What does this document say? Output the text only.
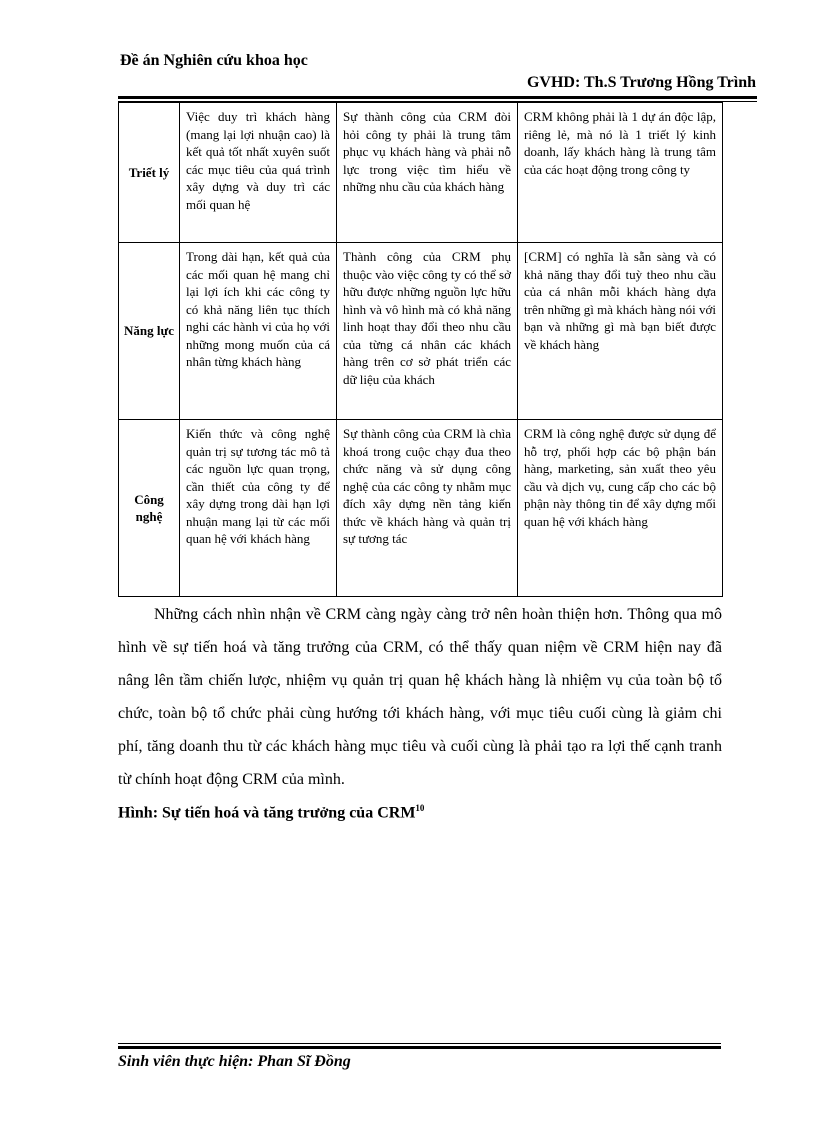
Đề án Nghiên cứu khoa học
GVHD: Th.S Trương Hồng Trình
Triết lý	Việc duy trì khách hàng (mang lại lợi nhuận cao) là kết quả tốt nhất xuyên suốt các mục tiêu của quá trình xây dựng và duy trì các mối quan hệ	Sự thành công của CRM đòi hỏi công ty phải là trung tâm phục vụ khách hàng và phải nỗ lực trong việc tìm hiểu về những nhu cầu của khách hàng	CRM không phải là 1 dự án độc lập, riêng lẻ, mà nó là 1 triết lý kinh doanh, lấy khách hàng là trung tâm của các hoạt động trong công ty
Năng lực	Trong dài hạn, kết quả của các mối quan hệ mang chỉ lại lợi ích khi các công ty có khả năng liên tục thích nghi các hành vi của họ với những mong muốn của cá nhân từng khách hàng	Thành công của CRM phụ thuộc vào việc công ty có thể sở hữu được những nguồn lực hữu hình và vô hình mà có khả năng linh hoạt thay đổi theo nhu cầu của từng cá nhân các khách hàng trên cơ sở phát triển các dữ liệu của khách	[CRM] có nghĩa là sẵn sàng và có khả năng thay đổi tuỳ theo nhu cầu của cá nhân mỗi khách hàng dựa trên những gì mà khách hàng nói với bạn và những gì mà bạn biết được về khách hàng
Công nghệ	Kiến thức và công nghệ quản trị sự tương tác mô tả các nguồn lực quan trọng, cần thiết của công ty để xây dựng trong dài hạn lợi nhuận mang lại từ các mối quan hệ với khách hàng	Sự thành công của CRM là chìa khoá trong cuộc chạy đua theo chức năng và sử dụng công nghệ của các công ty nhằm mục đích xây dựng nền tảng kiến thức về khách hàng và quản trị sự tương tác	CRM là công nghệ được sử dụng để hỗ trợ, phối hợp các bộ phận bán hàng, marketing, sản xuất theo yêu cầu và dịch vụ, cung cấp cho các bộ phận này thông tin để xây dựng mối quan hệ với khách hàng

Những cách nhìn nhận về CRM càng ngày càng trở nên hoàn thiện hơn. Thông qua mô hình về sự tiến hoá và tăng trưởng của CRM, có thể thấy quan niệm về CRM hiện nay đã nâng lên tầm chiến lược, nhiệm vụ quản trị quan hệ khách hàng là nhiệm vụ của toàn bộ tổ chức, toàn bộ tổ chức phải cùng hướng tới khách hàng, với mục tiêu cuối cùng là giảm chi phí, tăng doanh thu từ các khách hàng mục tiêu và cuối cùng là phải tạo ra lợi thế cạnh tranh từ chính hoạt động CRM của mình.

Hình: Sự tiến hoá và tăng trưởng của CRM$^{10}$
Sinh viên thực hiện: Phan Sĩ Đồng
